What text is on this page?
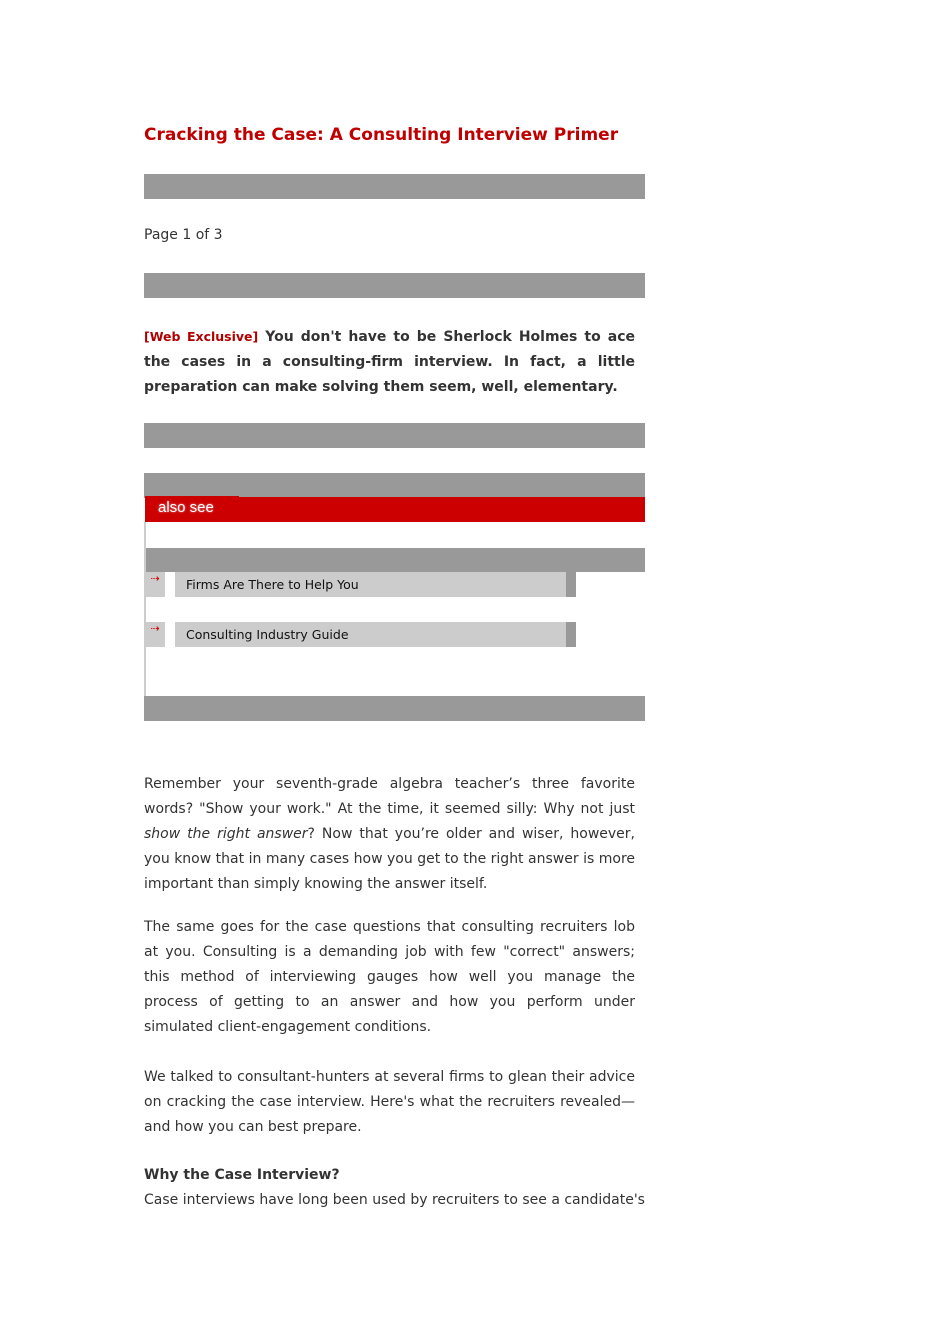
Cracking the Case: A Consulting Interview Primer
Page 1 of 3

[Web Exclusive] You don't have to be Sherlock Holmes to ace the cases in a consulting-firm interview. In fact, a little preparation can make solving them seem, well, elementary.

also see
⇢	Firms Are There to Help You
⇢	Consulting Industry Guide

Remember your seventh-grade algebra teacher’s three favorite words? "Show your work." At the time, it seemed silly: Why not just show the right answer? Now that you’re older and wiser, however, you know that in many cases how you get to the right answer is more important than simply knowing the answer itself.

The same goes for the case questions that consulting recruiters lob at you. Consulting is a demanding job with few "correct" answers; this method of interviewing gauges how well you manage the process of getting to an answer and how you perform under simulated client-engagement conditions.

We talked to consultant-hunters at several firms to glean their advice on cracking the case interview. Here's what the recruiters revealed—and how you can best prepare.

Why the Case Interview?

Case interviews have long been used by recruiters to see a candidate's
